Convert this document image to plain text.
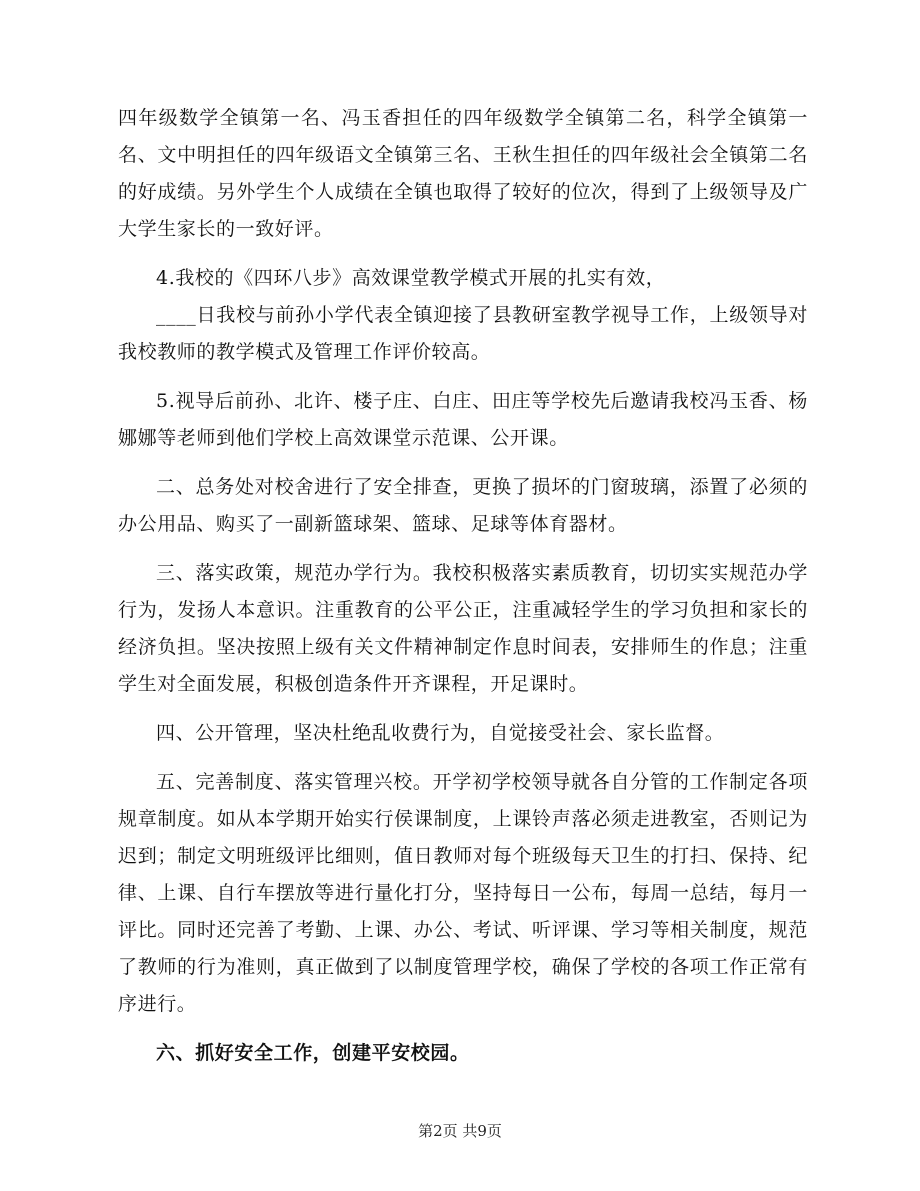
四年级数学全镇第一名、冯玉香担任的四年级数学全镇第二名，科学全镇第一名、文中明担任的四年级语文全镇第三名、王秋生担任的四年级社会全镇第二名的好成绩。另外学生个人成绩在全镇也取得了较好的位次，得到了上级领导及广大学生家长的一致好评。

4.我校的《四环八步》高效课堂教学模式开展的扎实有效，

____日我校与前孙小学代表全镇迎接了县教研室教学视导工作，上级领导对我校教师的教学模式及管理工作评价较高。

5.视导后前孙、北许、楼子庄、白庄、田庄等学校先后邀请我校冯玉香、杨娜娜等老师到他们学校上高效课堂示范课、公开课。

二、总务处对校舍进行了安全排查，更换了损坏的门窗玻璃，添置了必须的办公用品、购买了一副新篮球架、篮球、足球等体育器材。

三、落实政策，规范办学行为。我校积极落实素质教育，切切实实规范办学行为，发扬人本意识。注重教育的公平公正，注重减轻学生的学习负担和家长的经济负担。坚决按照上级有关文件精神制定作息时间表，安排师生的作息；注重学生对全面发展，积极创造条件开齐课程，开足课时。

四、公开管理，坚决杜绝乱收费行为，自觉接受社会、家长监督。

五、完善制度、落实管理兴校。开学初学校领导就各自分管的工作制定各项规章制度。如从本学期开始实行侯课制度，上课铃声落必须走进教室，否则记为迟到；制定文明班级评比细则，值日教师对每个班级每天卫生的打扫、保持、纪律、上课、自行车摆放等进行量化打分，坚持每日一公布，每周一总结，每月一评比。同时还完善了考勤、上课、办公、考试、听评课、学习等相关制度，规范了教师的行为准则，真正做到了以制度管理学校，确保了学校的各项工作正常有序进行。

六、抓好安全工作，创建平安校园。

第2页 共9页
